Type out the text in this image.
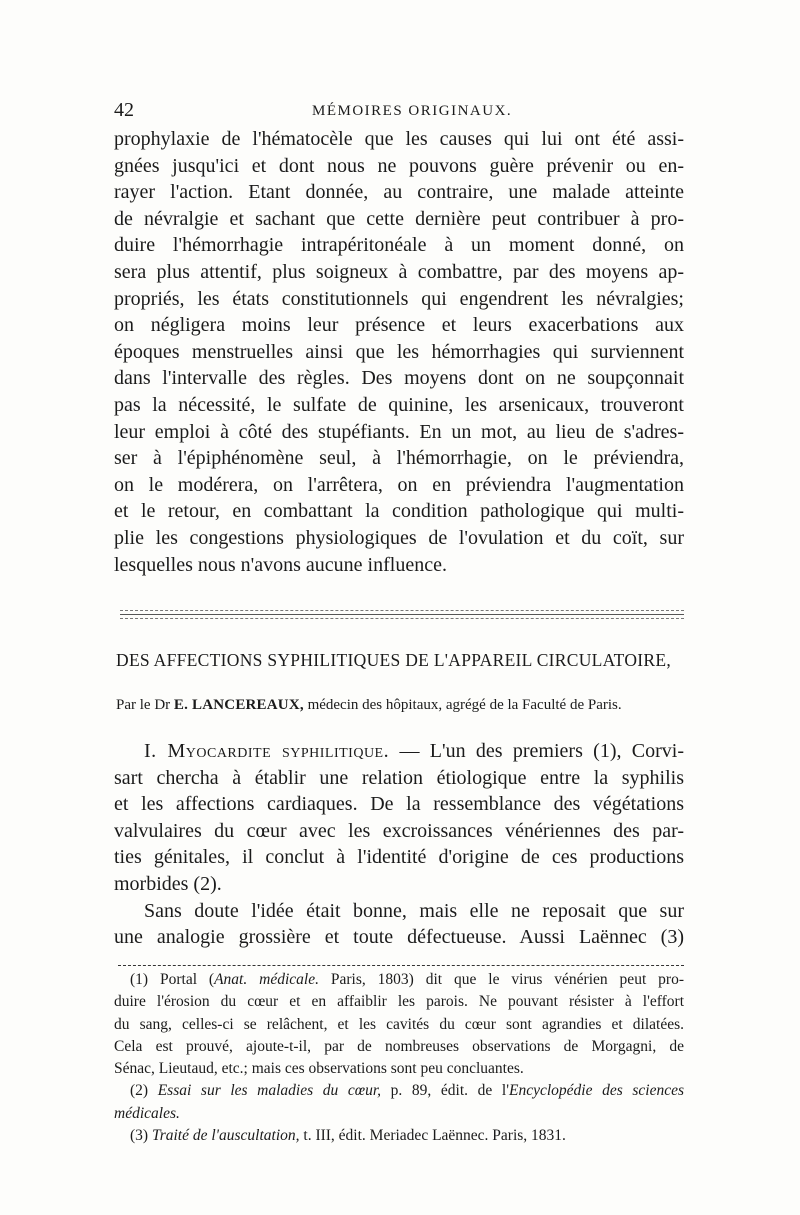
42	MÉMOIRES ORIGINAUX.
prophylaxie de l'hématocèle que les causes qui lui ont été assi-
gnées jusqu'ici et dont nous ne pouvons guère prévenir ou en-
rayer l'action. Etant donnée, au contraire, une malade atteinte
de névralgie et sachant que cette dernière peut contribuer à pro-
duire l'hémorrhagie intrapéritonéale à un moment donné, on
sera plus attentif, plus soigneux à combattre, par des moyens ap-
propriés, les états constitutionnels qui engendrent les névralgies;
on négligera moins leur présence et leurs exacerbations aux
époques menstruelles ainsi que les hémorrhagies qui surviennent
dans l'intervalle des règles. Des moyens dont on ne soupçonnait
pas la nécessité, le sulfate de quinine, les arsenicaux, trouveront
leur emploi à côté des stupéfiants. En un mot, au lieu de s'adres-
ser à l'épiphénomène seul, à l'hémorrhagie, on le préviendra,
on le modérera, on l'arrêtera, on en préviendra l'augmentation
et le retour, en combattant la condition pathologique qui multi-
plie les congestions physiologiques de l'ovulation et du coït, sur
lesquelles nous n'avons aucune influence.
DES AFFECTIONS SYPHILITIQUES DE L'APPAREIL CIRCULATOIRE,
Par le Dr E. LANCEREAUX, médecin des hôpitaux, agrégé de la Faculté de Paris.
I. Myocardite syphilitique. — L'un des premiers (1), Corvi-
sart chercha à établir une relation étiologique entre la syphilis
et les affections cardiaques. De la ressemblance des végétations
valvulaires du cœur avec les excroissances vénériennes des par-
ties génitales, il conclut à l'identité d'origine de ces productions
morbides (2).
Sans doute l'idée était bonne, mais elle ne reposait que sur
une analogie grossière et toute défectueuse. Aussi Laënnec (3)
(1) Portal (Anat. médicale. Paris, 1803) dit que le virus vénérien peut pro-
duire l'érosion du cœur et en affaiblir les parois. Ne pouvant résister à l'effort
du sang, celles-ci se relâchent, et les cavités du cœur sont agrandies et dilatées.
Cela est prouvé, ajoute-t-il, par de nombreuses observations de Morgagni, de
Sénac, Lieutaud, etc.; mais ces observations sont peu concluantes.
(2) Essai sur les maladies du cœur, p. 89, édit. de l'Encyclopédie des sciences
médicales.
(3) Traité de l'auscultation, t. III, édit. Meriadec Laënnec. Paris, 1831.
